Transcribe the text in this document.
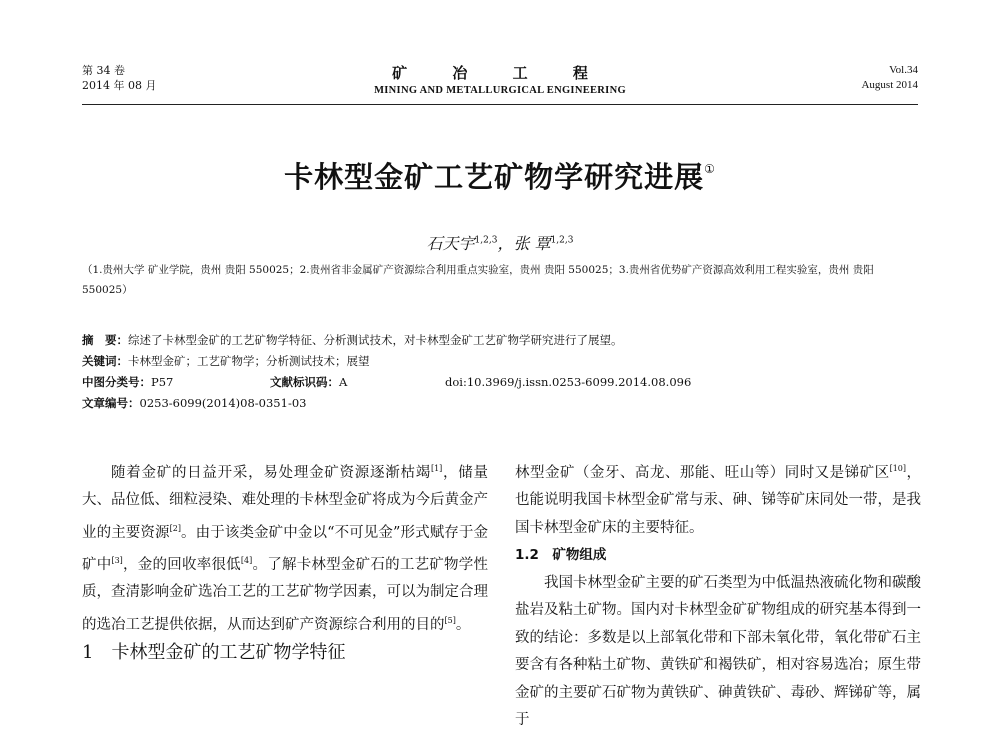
第 34 卷
2014 年 08 月
矿 冶 工 程
MINING AND METALLURGICAL ENGINEERING
Vol.34
August 2014
卡林型金矿工艺矿物学研究进展①
石天宇$^{1,2,3}$，张 覃$^{1,2,3}$
（1.贵州大学 矿业学院，贵州 贵阳 550025；2.贵州省非金属矿产资源综合利用重点实验室，贵州 贵阳 550025；3.贵州省优势矿产资源高效利用工程实验室，贵州 贵阳 550025）
摘　要：综述了卡林型金矿的工艺矿物学特征、分析测试技术，对卡林型金矿工艺矿物学研究进行了展望。
关键词：卡林型金矿；工艺矿物学；分析测试技术；展望
中图分类号：P57	文献标识码：A	doi:10.3969/j.issn.0253-6099.2014.08.096
文章编号：0253-6099(2014)08-0351-03

随着金矿的日益开采，易处理金矿资源逐渐枯竭[1]，储量大、品位低、细粒浸染、难处理的卡林型金矿将成为今后黄金产业的主要资源[2]。由于该类金矿中金以“不可见金”形式赋存于金矿中[3]，金的回收率很低[4]。了解卡林型金矿石的工艺矿物学性质，查清影响金矿选冶工艺的工艺矿物学因素，可以为制定合理的选冶工艺提供依据，从而达到矿产资源综合利用的目的[5]。

1　卡林型金矿的工艺矿物学特征

林型金矿（金牙、高龙、那能、旺山等）同时又是锑矿区[10]，也能说明我国卡林型金矿常与汞、砷、锑等矿床同处一带，是我国卡林型金矿床的主要特征。

1.2　矿物组成

我国卡林型金矿主要的矿石类型为中低温热液硫化物和碳酸盐岩及粘土矿物。国内对卡林型金矿矿物组成的研究基本得到一致的结论：多数是以上部氧化带和下部未氧化带，氧化带矿石主要含有各种粘土矿物、黄铁矿和褐铁矿，相对容易选冶；原生带金矿的主要矿石矿物为黄铁矿、砷黄铁矿、毒砂、辉锑矿等，属于
